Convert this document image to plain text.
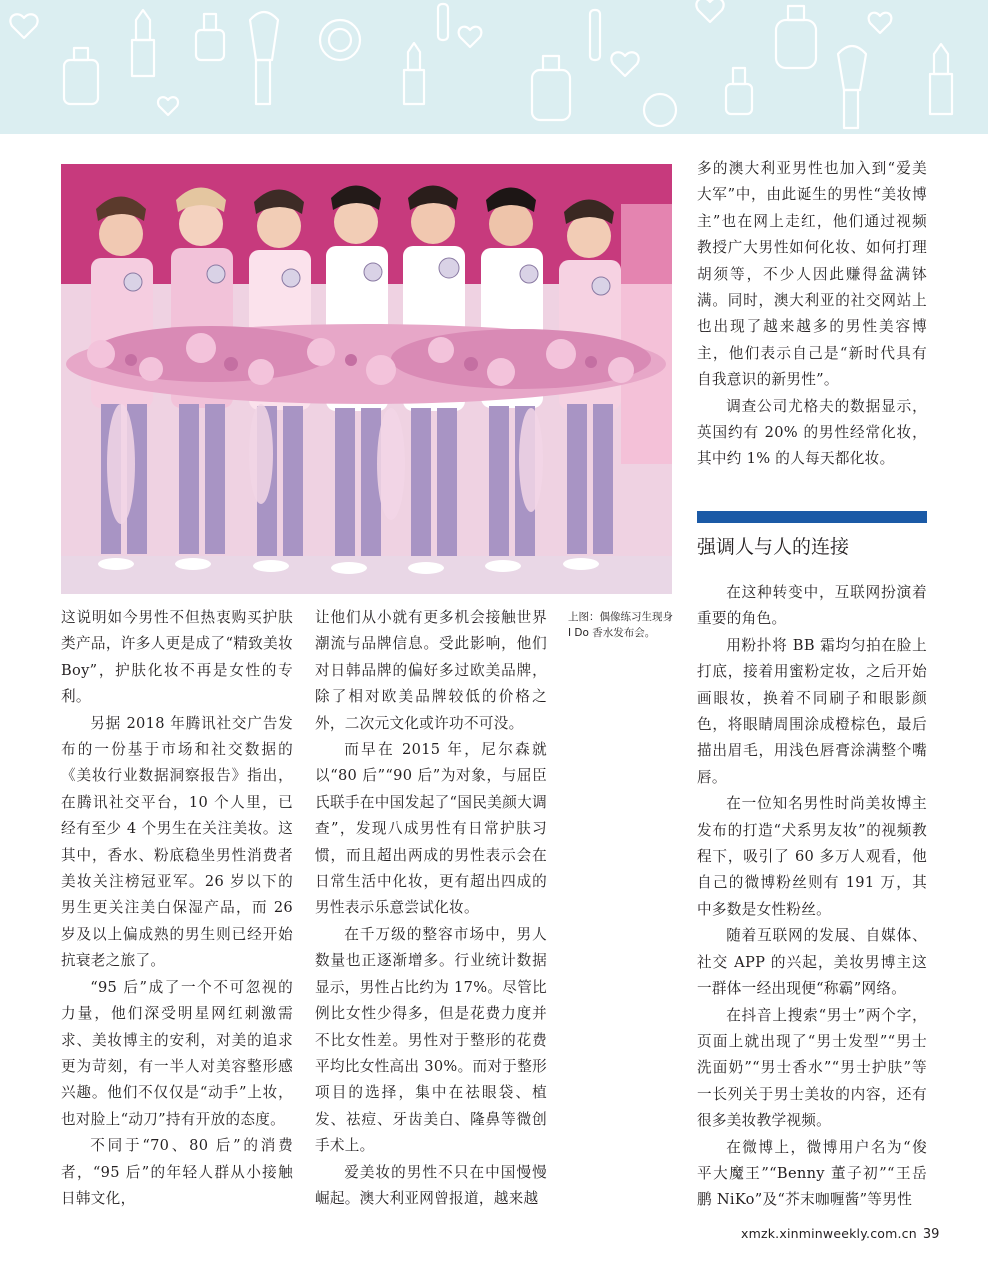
这说明如今男性不但热衷购买护肤类产品，许多人更是成了“精致美妆 Boy”，护肤化妆不再是女性的专利。

另据 2018 年腾讯社交广告发布的一份基于市场和社交数据的《美妆行业数据洞察报告》指出，在腾讯社交平台，10 个人里，已经有至少 4 个男生在关注美妆。这其中，香水、粉底稳坐男性消费者美妆关注榜冠亚军。26 岁以下的男生更关注美白保湿产品，而 26 岁及以上偏成熟的男生则已经开始抗衰老之旅了。

“95 后”成了一个不可忽视的力量，他们深受明星网红刺激需求、美妆博主的安利，对美的追求更为苛刻，有一半人对美容整形感兴趣。他们不仅仅是“动手”上妆，也对脸上“动刀”持有开放的态度。

不同于“70、80 后”的消费者，“95 后”的年轻人群从小接触日韩文化，

让他们从小就有更多机会接触世界潮流与品牌信息。受此影响，他们对日韩品牌的偏好多过欧美品牌，除了相对欧美品牌较低的价格之外，二次元文化或许功不可没。

而早在 2015 年，尼尔森就以“80 后”“90 后”为对象，与屈臣氏联手在中国发起了“国民美颜大调查”，发现八成男性有日常护肤习惯，而且超出两成的男性表示会在日常生活中化妆，更有超出四成的男性表示乐意尝试化妆。

在千万级的整容市场中，男人数量也正逐渐增多。行业统计数据显示，男性占比约为 17%。尽管比例比女性少得多，但是花费力度并不比女性差。男性对于整形的花费平均比女性高出 30%。而对于整形项目的选择，集中在祛眼袋、植发、祛痘、牙齿美白、隆鼻等微创手术上。

爱美妆的男性不只在中国慢慢崛起。澳大利亚网曾报道，越来越

上图：偶像练习生现身 I Do 香水发布会。

多的澳大利亚男性也加入到“爱美大军”中，由此诞生的男性“美妆博主”也在网上走红，他们通过视频教授广大男性如何化妆、如何打理胡须等，不少人因此赚得盆满钵满。同时，澳大利亚的社交网站上也出现了越来越多的男性美容博主，他们表示自己是“新时代具有自我意识的新男性”。

调查公司尤格夫的数据显示，英国约有 20% 的男性经常化妆，其中约 1% 的人每天都化妆。

强调人与人的连接

在这种转变中，互联网扮演着重要的角色。

用粉扑将 BB 霜均匀拍在脸上打底，接着用蜜粉定妆，之后开始画眼妆，换着不同刷子和眼影颜色，将眼睛周围涂成橙棕色，最后描出眉毛，用浅色唇膏涂满整个嘴唇。

在一位知名男性时尚美妆博主发布的打造“犬系男友妆”的视频教程下，吸引了 60 多万人观看，他自己的微博粉丝则有 191 万，其中多数是女性粉丝。

随着互联网的发展、自媒体、社交 APP 的兴起，美妆男博主这一群体一经出现便“称霸”网络。

在抖音上搜索“男士”两个字，页面上就出现了“男士发型”“男士洗面奶”“男士香水”“男士护肤”等一长列关于男士美妆的内容，还有很多美妆教学视频。

在微博上，微博用户名为“俊平大魔王”“Benny 董子初”“王岳鹏 NiKo”及“芥末咖喱酱”等男性

xmzk.xinminweekly.com.cn 39
